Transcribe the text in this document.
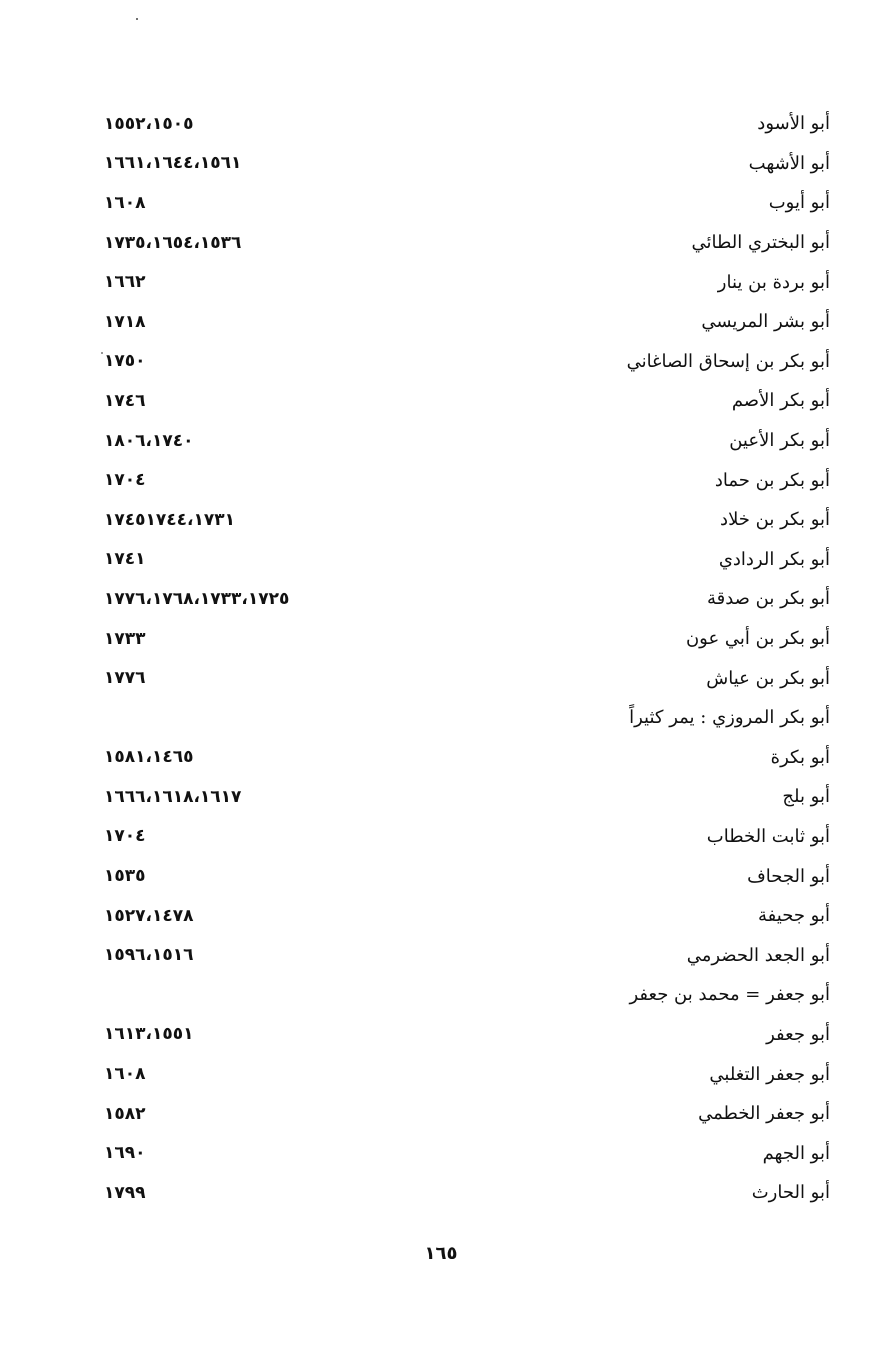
١٥٥٢،١٥٠٥	أبو الأسود
١٦٦١،١٦٤٤،١٥٦١	أبو الأشهب
١٦٠٨	أبو أيوب
١٧٣٥،١٦٥٤،١٥٣٦	أبو البختري الطائي
١٦٦٢	أبو بردة بن ينار
١٧١٨	أبو بشر المريسي
١٧٥٠	أبو بكر بن إسحاق الصاغاني
١٧٤٦	أبو بكر الأصم
١٨٠٦،١٧٤٠	أبو بكر الأعين
١٧٠٤	أبو بكر بن حماد
١٧٤٥١٧٤٤،١٧٣١	أبو بكر بن خلاد
١٧٤١	أبو بكر الردادي
١٧٧٦،١٧٦٨،١٧٣٣،١٧٢٥	أبو بكر بن صدقة
١٧٣٣	أبو بكر بن أبي عون
١٧٧٦	أبو بكر بن عياش
أبو بكر المروزي : يمر كثيراً
١٥٨١،١٤٦٥	أبو بكرة
١٦٦٦،١٦١٨،١٦١٧	أبو بلج
١٧٠٤	أبو ثابت الخطاب
١٥٣٥	أبو الجحاف
١٥٢٧،١٤٧٨	أبو جحيفة
١٥٩٦،١٥١٦	أبو الجعد الحضرمي
أبو جعفر = محمد بن جعفر
١٦١٣،١٥٥١	أبو جعفر
١٦٠٨	أبو جعفر التغلبي
١٥٨٢	أبو جعفر الخطمي
١٦٩٠	أبو الجهم
١٧٩٩	أبو الحارث
١٦٥
